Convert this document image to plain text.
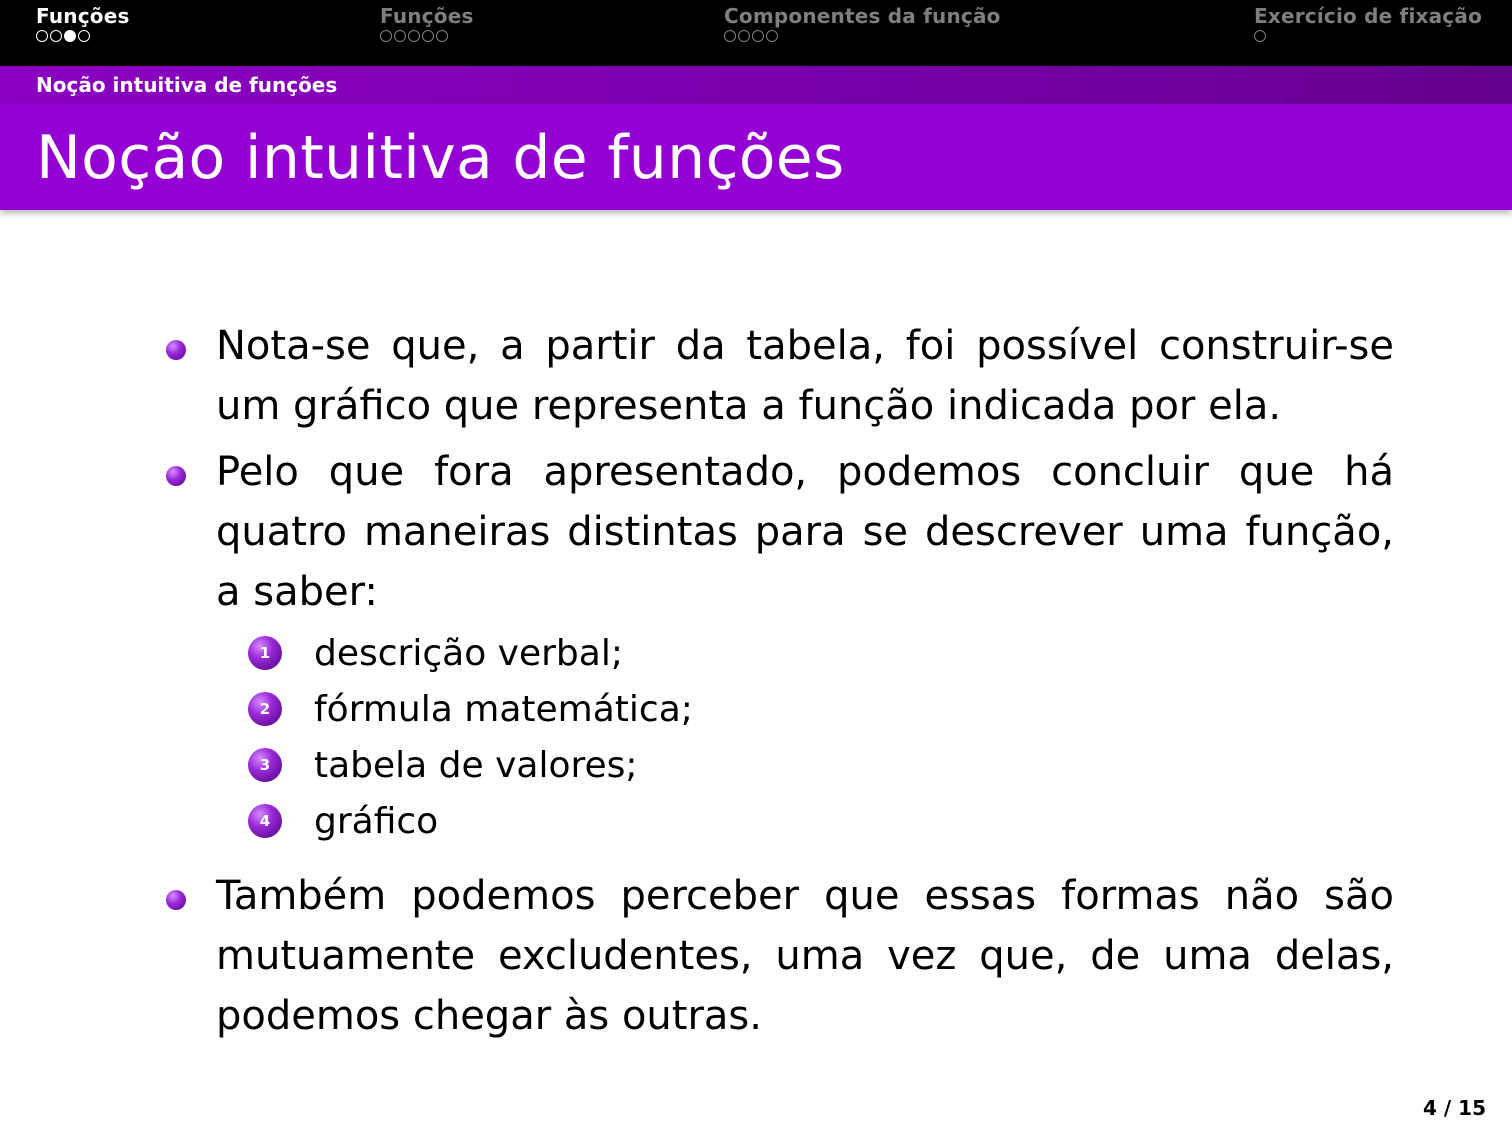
Funções	Funções	Componentes da função	Exercício de fixação
Noção intuitiva de funções
Noção intuitiva de funções
Nota-se que, a partir da tabela, foi possível construir-se um gráfico que representa a função indicada por ela.
Pelo que fora apresentado, podemos concluir que há quatro maneiras distintas para se descrever uma função, a saber:
1	descrição verbal;
2	fórmula matemática;
3	tabela de valores;
4	gráfico
Também podemos perceber que essas formas não são mutuamente excludentes, uma vez que, de uma delas, podemos chegar às outras.
4 / 15
